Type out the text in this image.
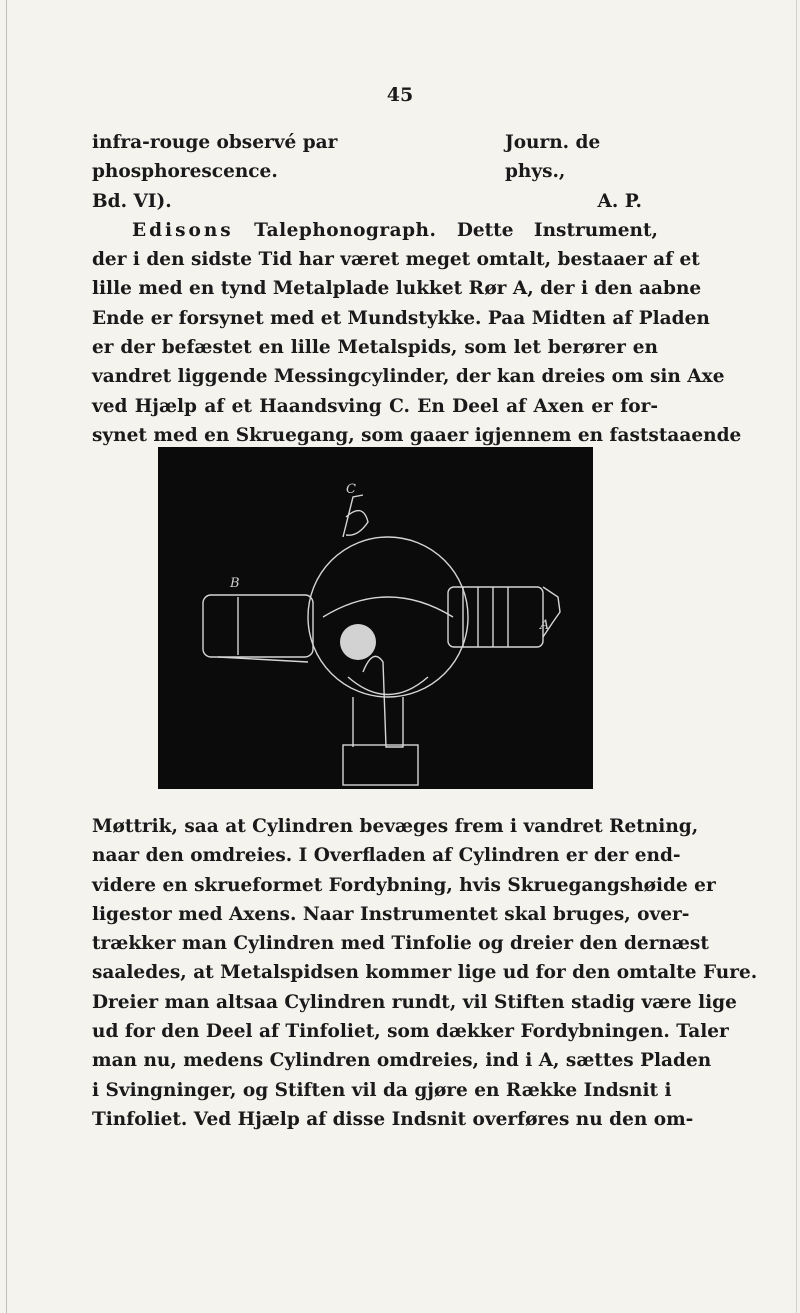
45
infra-rouge observé par phosphorescence.
Journ. de phys.,
Bd. VI).	A. P.
Edisons Talephonograph. Dette Instrument,
der i den sidste Tid har været meget omtalt, bestaaer af et
lille med en tynd Metalplade lukket Rør A, der i den aabne
Ende er forsynet med et Mundstykke. Paa Midten af Pladen
er der befæstet en lille Metalspids, som let berører en
vandret liggende Messingcylinder, der kan dreies om sin Axe
ved Hjælp af et Haandsving C. En Deel af Axen er for-
synet med en Skruegang, som gaaer igjennem en faststaaende
C
B
A
Møttrik, saa at Cylindren bevæges frem i vandret Retning,
naar den omdreies. I Overfladen af Cylindren er der end-
videre en skrueformet Fordybning, hvis Skruegangshøide er
ligestor med Axens. Naar Instrumentet skal bruges, over-
trækker man Cylindren med Tinfolie og dreier den dernæst
saaledes, at Metalspidsen kommer lige ud for den omtalte Fure.
Dreier man altsaa Cylindren rundt, vil Stiften stadig være lige
ud for den Deel af Tinfoliet, som dækker Fordybningen. Taler
man nu, medens Cylindren omdreies, ind i A, sættes Pladen
i Svingninger, og Stiften vil da gjøre en Række Indsnit i
Tinfoliet. Ved Hjælp af disse Indsnit overføres nu den om-
